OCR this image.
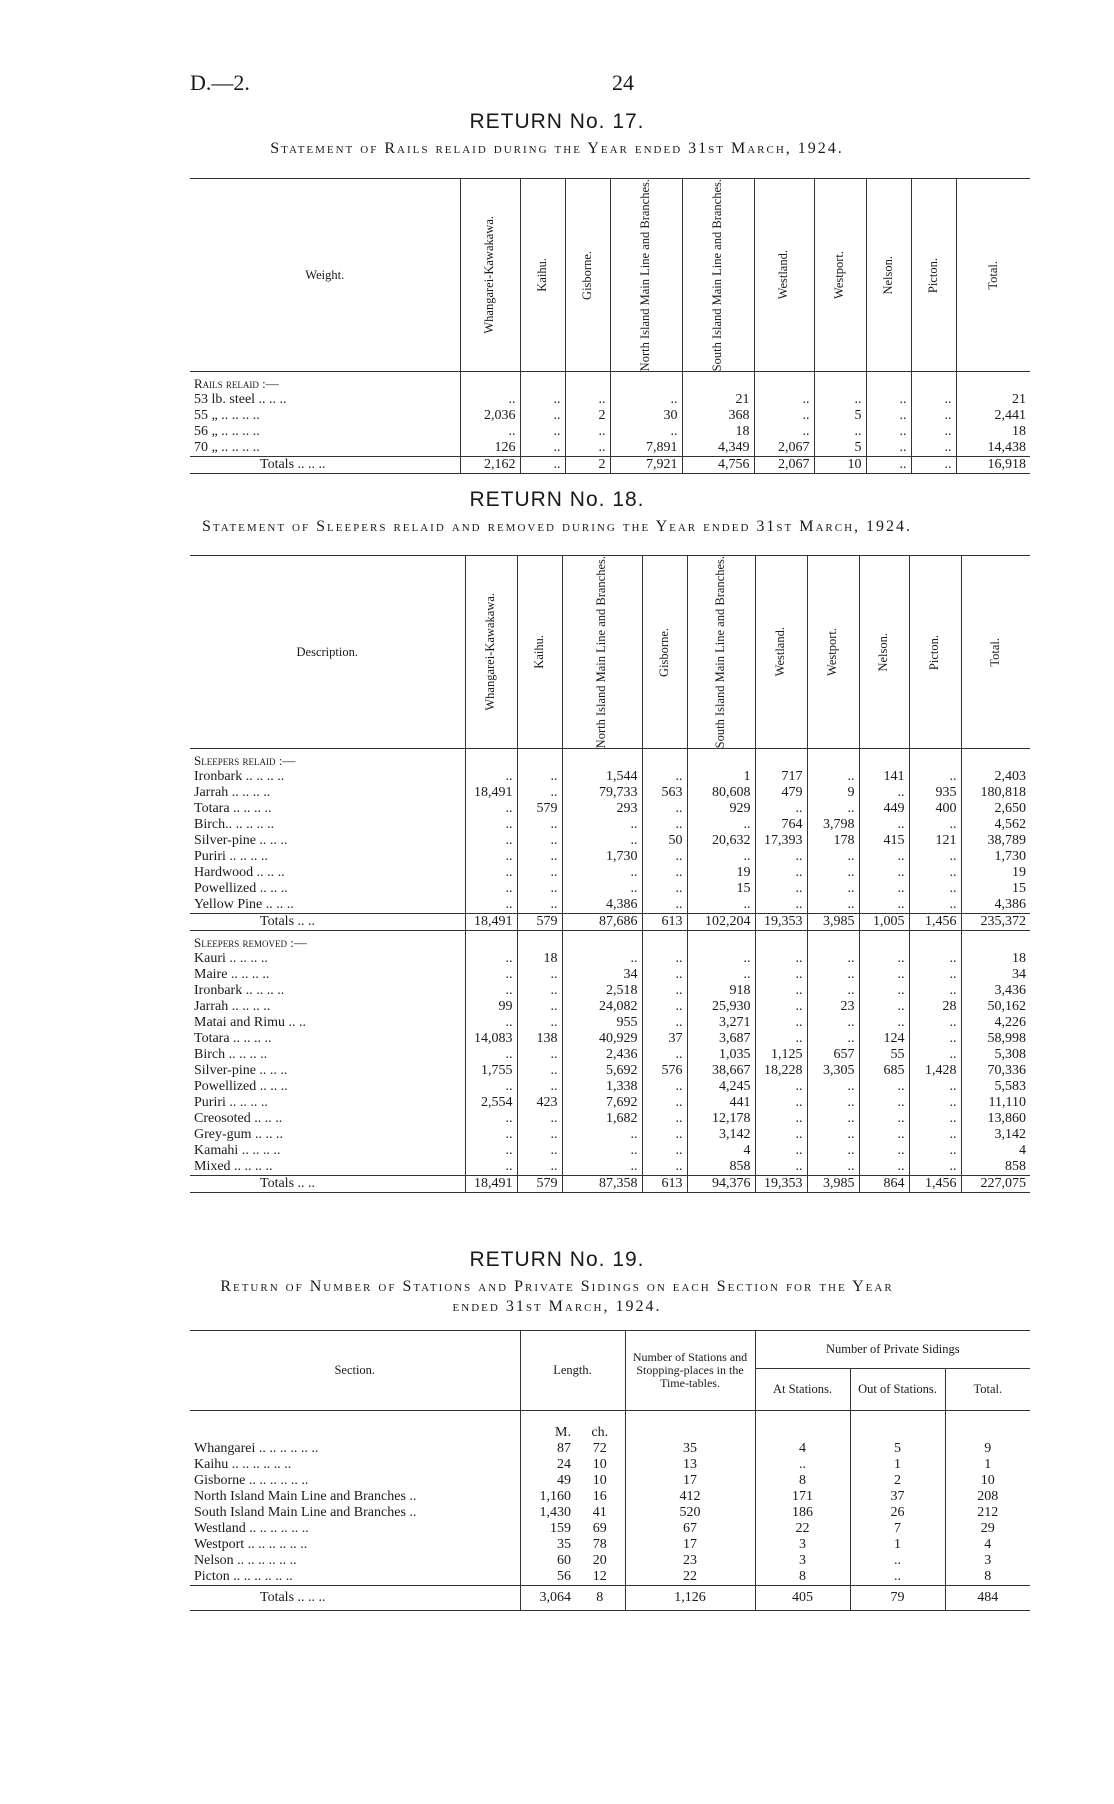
D.—2.	24
RETURN No. 17.
Statement of Rails relaid during the Year ended 31st March, 1924.
Weight.	Whangarei-Kawakawa.	Kaihu.	Gisborne.	North Island Main Line and Branches.	South Island Main Line and Branches.	Westland.	Westport.	Nelson.	Picton.	Total.

Rails relaid :—										
53 lb. steel .. .. ..	..	..	..	..	21	..	..	..	..	21
55 „ .. .. .. ..	2,036	..	2	30	368	..	5	..	..	2,441
56 „ .. .. .. ..	..	..	..	..	18	..	..	..	..	18
70 „ .. .. .. ..	126	..	..	7,891	4,349	2,067	5	..	..	14,438
Totals .. .. ..	2,162	..	2	7,921	4,756	2,067	10	..	..	16,918
RETURN No. 18.
Statement of Sleepers relaid and removed during the Year ended 31st March, 1924.
Description.	Whangarei-Kawakawa.	Kaihu.	North Island Main Line and Branches.	Gisborne.	South Island Main Line and Branches.	Westland.	Westport.	Nelson.	Picton.	Total.

Sleepers relaid :—										
Ironbark .. .. .. ..	..	..	1,544	..	1	717	..	141	..	2,403
Jarrah .. .. .. ..	18,491	..	79,733	563	80,608	479	9	..	935	180,818
Totara .. .. .. ..	..	579	293	..	929	..	..	449	400	2,650
Birch.. .. .. .. ..	..	..	..	..	..	764	3,798	..	..	4,562
Silver-pine .. .. ..	..	..	..	50	20,632	17,393	178	415	121	38,789
Puriri .. .. .. ..	..	..	1,730	..	..	..	..	..	..	1,730
Hardwood .. .. ..	..	..	..	..	19	..	..	..	..	19
Powellized .. .. ..	..	..	..	..	15	..	..	..	..	15
Yellow Pine .. .. ..	..	..	4,386	..	..	..	..	..	..	4,386
Totals .. ..	18,491	579	87,686	613	102,204	19,353	3,985	1,005	1,456	235,372
Sleepers removed :—										
Kauri .. .. .. ..	..	18	..	..	..	..	..	..	..	18
Maire .. .. .. ..	..	..	34	..	..	..	..	..	..	34
Ironbark .. .. .. ..	..	..	2,518	..	918	..	..	..	..	3,436
Jarrah .. .. .. ..	99	..	24,082	..	25,930	..	23	..	28	50,162
Matai and Rimu .. ..	..	..	955	..	3,271	..	..	..	..	4,226
Totara .. .. .. ..	14,083	138	40,929	37	3,687	..	..	124	..	58,998
Birch .. .. .. ..	..	..	2,436	..	1,035	1,125	657	55	..	5,308
Silver-pine .. .. ..	1,755	..	5,692	576	38,667	18,228	3,305	685	1,428	70,336
Powellized .. .. ..	..	..	1,338	..	4,245	..	..	..	..	5,583
Puriri .. .. .. ..	2,554	423	7,692	..	441	..	..	..	..	11,110
Creosoted .. .. ..	..	..	1,682	..	12,178	..	..	..	..	13,860
Grey-gum .. .. ..	..	..	..	..	3,142	..	..	..	..	3,142
Kamahi .. .. .. ..	..	..	..	..	4	..	..	..	..	4
Mixed .. .. .. ..	..	..	..	..	858	..	..	..	..	858
Totals .. ..	18,491	579	87,358	613	94,376	19,353	3,985	864	1,456	227,075
RETURN No. 19.
Return of Number of Stations and Private Sidings on each Section for the Year
ended 31st March, 1924.
Section.	Length.		Number of Stations and Stopping-places in the Time-tables.	Number of Private Sidings		
				At Stations.	Out of Stations.	Total.
	M.	ch.				
Whangarei .. .. .. .. .. ..	87	72	35	4	5	9
Kaihu .. .. .. .. .. ..	24	10	13	..	1	1
Gisborne .. .. .. .. .. ..	49	10	17	8	2	10
North Island Main Line and Branches ..	1,160	16	412	171	37	208
South Island Main Line and Branches ..	1,430	41	520	186	26	212
Westland .. .. .. .. .. ..	159	69	67	22	7	29
Westport .. .. .. .. .. ..	35	78	17	3	1	4
Nelson .. .. .. .. .. ..	60	20	23	3	..	3
Picton .. .. .. .. .. ..	56	12	22	8	..	8
Totals .. .. ..	3,064	8	1,126	405	79	484
